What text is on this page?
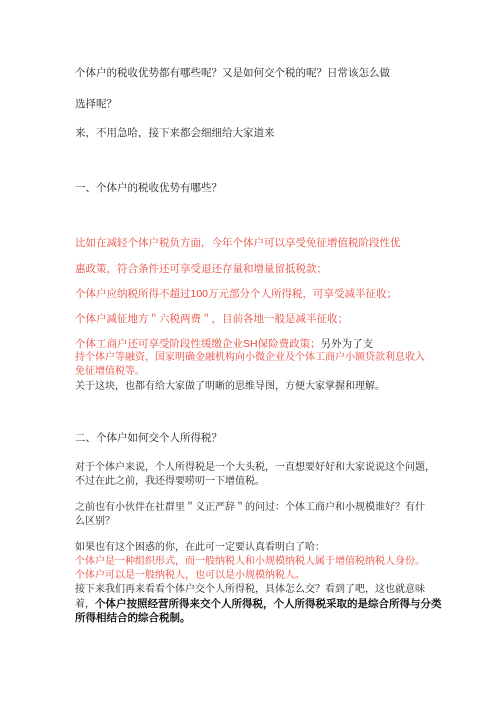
个体户的税收优势都有哪些呢？又是如何交个税的呢？日常该怎么做

选择呢？

来，不用急哈，接下来都会细细给大家道来

一、个体户的税收优势有哪些？

比如在减轻个体户税负方面，今年个体户可以享受免征增值税阶段性优

惠政策，符合条件还可享受退还存量和增量留抵税款；

个体户应纳税所得不超过100万元部分个人所得税，可享受减半征收；

个体户减征地方＂六税两费＂，目前各地一般是减半征收；

个体工商户还可享受阶段性缓缴企业SH保险费政策；另外为了支

持个体户等融资，国家明确金融机构向小微企业及个体工商户小额贷款利息收入

免征增值税等。

关于这块，也都有给大家做了明晰的思维导图，方便大家掌握和理解。

二、个体户如何交个人所得税？

对于个体户来说，个人所得税是一个大头税，一直想要好好和大家说说这个问题，

不过在此之前，我还得要唠叨一下增值税。

之前也有小伙伴在社群里＂义正严辞＂的问过：个体工商户和小规模谁好？有什

么区别？

如果也有这个困惑的你，在此可一定要认真看明白了哈：

个体户是一种组织形式，而一般纳税人和小规模纳税人属于增值税纳税人身份。

个体户可以是一般纳税人，也可以是小规模纳税人。

接下来我们再来看看个体户交个人所得税，具体怎么交？看到了吧，这也就意味

着，个体户按照经营所得来交个人所得税，个人所得税采取的是综合所得与分类

所得相结合的综合税制。
